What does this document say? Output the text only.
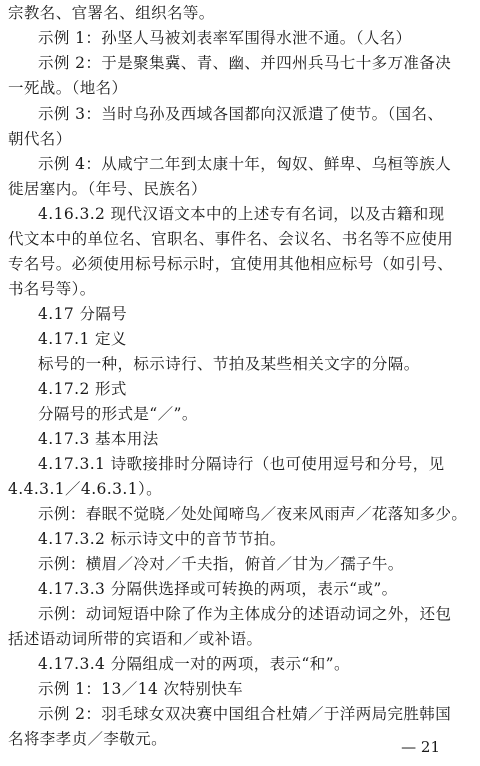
宗教名、官署名、组织名等。
示例 1：孙坚人马被刘表率军围得水泄不通。（人名）
示例 2：于是聚集冀、青、幽、并四州兵马七十多万准备决
一死战。（地名）
示例 3：当时乌孙及西域各国都向汉派遣了使节。（国名、
朝代名）
示例 4：从咸宁二年到太康十年，匈奴、鲜卑、乌桓等族人
徙居塞内。（年号、民族名）
4.16.3.2 现代汉语文本中的上述专有名词，以及古籍和现
代文本中的单位名、官职名、事件名、会议名、书名等不应使用
专名号。必须使用标号标示时，宜使用其他相应标号（如引号、
书名号等）。
4.17 分隔号
4.17.1 定义
标号的一种，标示诗行、节拍及某些相关文字的分隔。
4.17.2 形式
分隔号的形式是“／”。
4.17.3 基本用法
4.17.3.1 诗歌接排时分隔诗行（也可使用逗号和分号，见
4.4.3.1／4.6.3.1）。
示例：春眠不觉晓／处处闻啼鸟／夜来风雨声／花落知多少。
4.17.3.2 标示诗文中的音节节拍。
示例：横眉／冷对／千夫指，俯首／甘为／孺子牛。
4.17.3.3 分隔供选择或可转换的两项，表示“或”。
示例：动词短语中除了作为主体成分的述语动词之外，还包
括述语动词所带的宾语和／或补语。
4.17.3.4 分隔组成一对的两项，表示“和”。
示例 1：13／14 次特别快车
示例 2：羽毛球女双决赛中国组合杜婧／于洋两局完胜韩国
名将李孝贞／李敬元。	— 21
